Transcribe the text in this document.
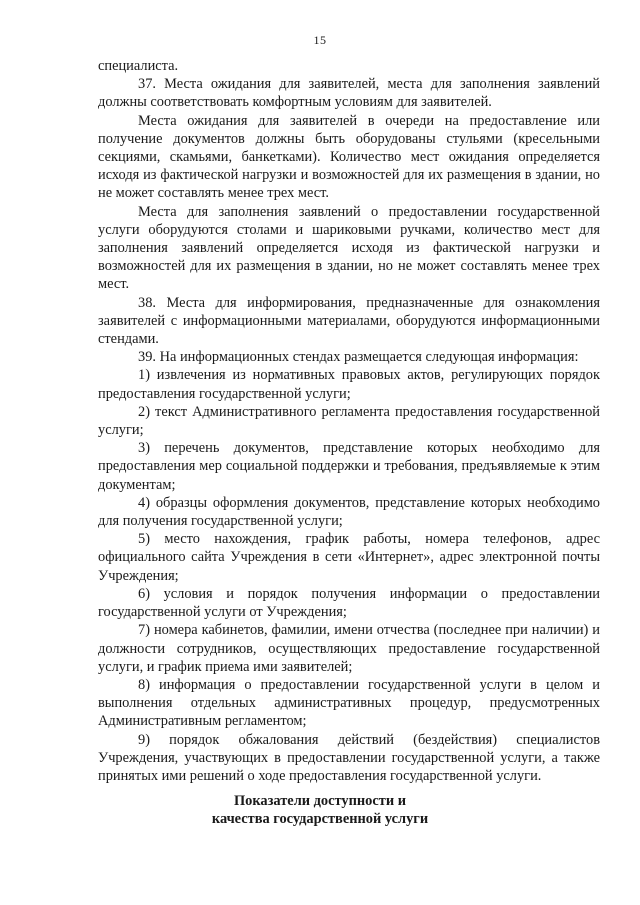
15

специалиста.

37. Места ожидания для заявителей, места для заполнения заявлений должны соответствовать комфортным условиям для заявителей.

Места ожидания для заявителей в очереди на предоставление или получение документов должны быть оборудованы стульями (кресельными секциями, скамьями, банкетками). Количество мест ожидания определяется исходя из фактической нагрузки и возможностей для их размещения в здании, но не может составлять менее трех мест.

Места для заполнения заявлений о предоставлении государственной услуги оборудуются столами и шариковыми ручками, количество мест для заполнения заявлений определяется исходя из фактической нагрузки и возможностей для их размещения в здании, но не может составлять менее трех мест.

38. Места для информирования, предназначенные для ознакомления заявителей с информационными материалами, оборудуются информационными стендами.

39. На информационных стендах размещается следующая информация:

1) извлечения из нормативных правовых актов, регулирующих порядок предоставления государственной услуги;

2) текст Административного регламента предоставления государственной услуги;

3) перечень документов, представление которых необходимо для предоставления мер социальной поддержки и требования, предъявляемые к этим документам;

4) образцы оформления документов, представление которых необходимо для получения государственной услуги;

5) место нахождения, график работы, номера телефонов, адрес официального сайта Учреждения в сети «Интернет», адрес электронной почты Учреждения;

6) условия и порядок получения информации о предоставлении государственной услуги от Учреждения;

7) номера кабинетов, фамилии, имени отчества (последнее при наличии) и должности сотрудников, осуществляющих предоставление государственной услуги, и график приема ими заявителей;

8) информация о предоставлении государственной услуги в целом и выполнения отдельных административных процедур, предусмотренных Административным регламентом;

9) порядок обжалования действий (бездействия) специалистов Учреждения, участвующих в предоставлении государственной услуги, а также принятых ими решений о ходе предоставления государственной услуги.

Показатели доступности и
качества государственной услуги
